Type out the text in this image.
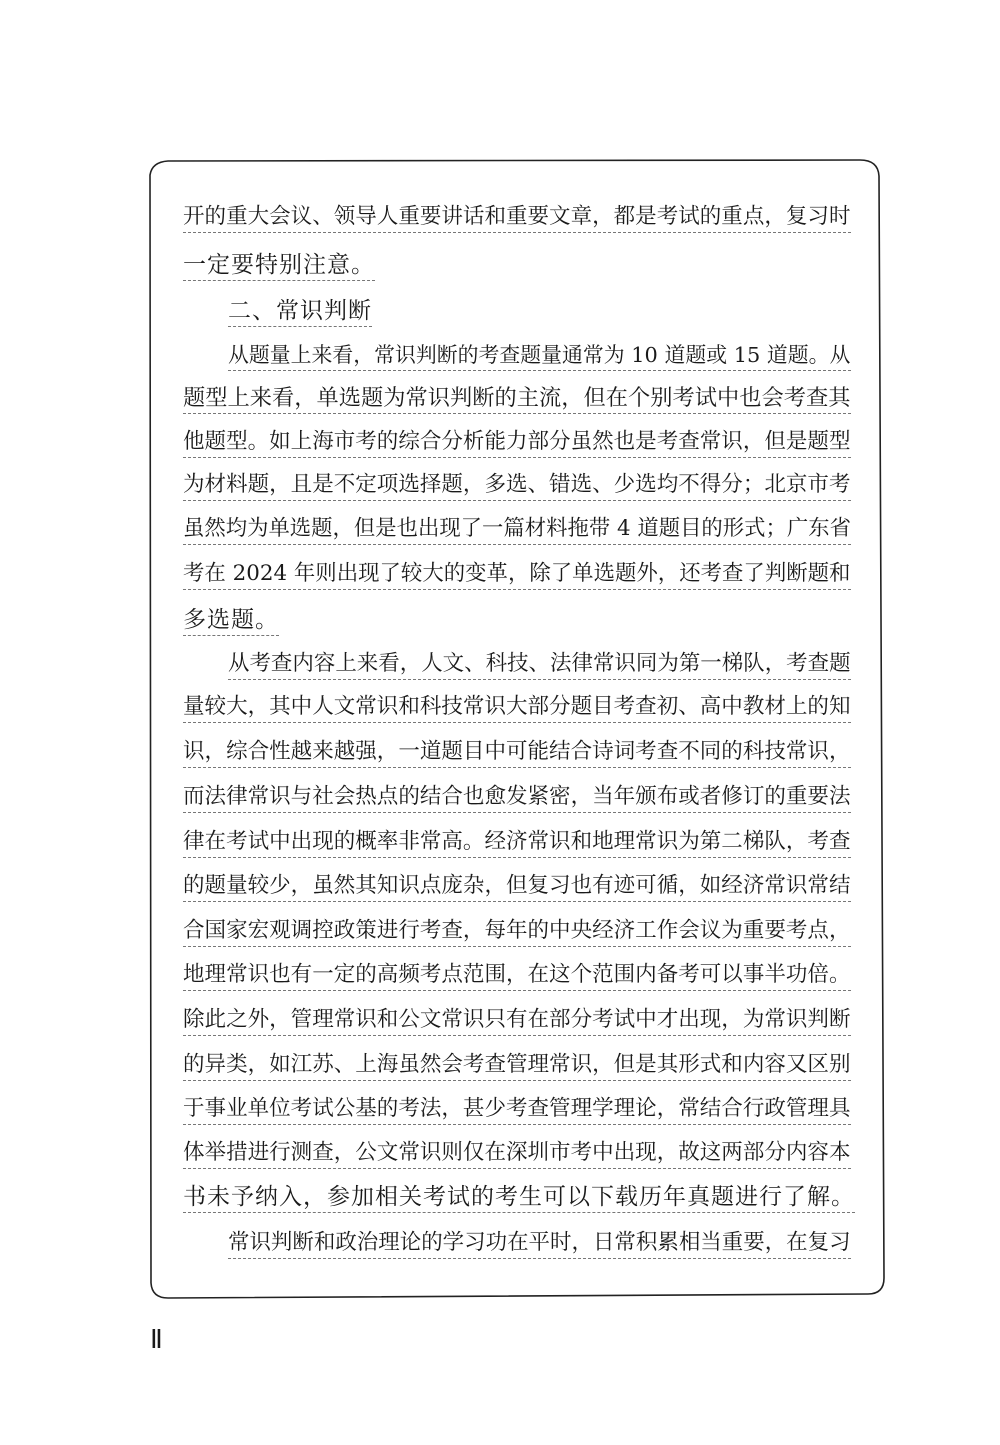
开的重大会议、领导人重要讲话和重要文章，都是考试的重点，复习时
一定要特别注意。
二、常识判断
从题量上来看，常识判断的考查题量通常为 10 道题或 15 道题。从
题型上来看，单选题为常识判断的主流，但在个别考试中也会考查其
他题型。如上海市考的综合分析能力部分虽然也是考查常识，但是题型
为材料题，且是不定项选择题，多选、错选、少选均不得分；北京市考
虽然均为单选题，但是也出现了一篇材料拖带 4 道题目的形式；广东省
考在 2024 年则出现了较大的变革，除了单选题外，还考查了判断题和
多选题。
从考查内容上来看，人文、科技、法律常识同为第一梯队，考查题
量较大，其中人文常识和科技常识大部分题目考查初、高中教材上的知
识，综合性越来越强，一道题目中可能结合诗词考查不同的科技常识，
而法律常识与社会热点的结合也愈发紧密，当年颁布或者修订的重要法
律在考试中出现的概率非常高。经济常识和地理常识为第二梯队，考查
的题量较少，虽然其知识点庞杂，但复习也有迹可循，如经济常识常结
合国家宏观调控政策进行考查，每年的中央经济工作会议为重要考点，
地理常识也有一定的高频考点范围，在这个范围内备考可以事半功倍。
除此之外，管理常识和公文常识只有在部分考试中才出现，为常识判断
的异类，如江苏、上海虽然会考查管理常识，但是其形式和内容又区别
于事业单位考试公基的考法，甚少考查管理学理论，常结合行政管理具
体举措进行测查，公文常识则仅在深圳市考中出现，故这两部分内容本
书未予纳入，参加相关考试的考生可以下载历年真题进行了解。
常识判断和政治理论的学习功在平时，日常积累相当重要，在复习
Ⅱ
